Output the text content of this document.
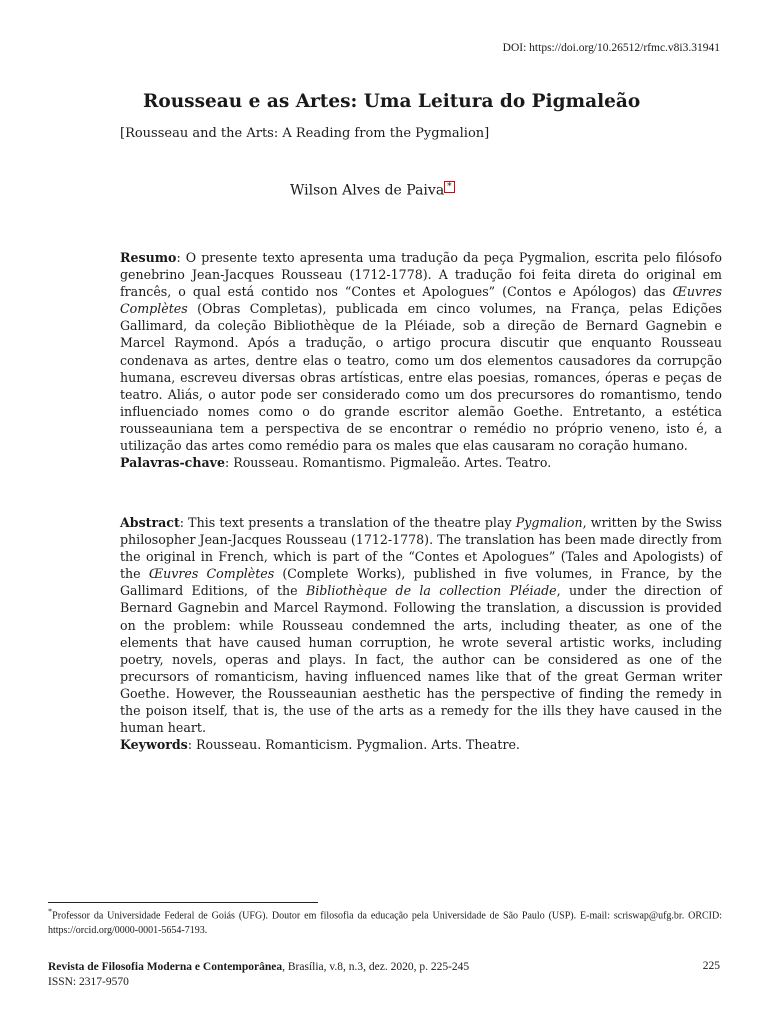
DOI: https://doi.org/10.26512/rfmc.v8i3.31941
Rousseau e as Artes: Uma Leitura do Pigmaleão
[Rousseau and the Arts: A Reading from the Pygmalion]
Wilson Alves de Paiva *

Resumo: O presente texto apresenta uma tradução da peça Pygmalion, escrita pelo filósofo genebrino Jean-Jacques Rousseau (1712-1778). A tradução foi feita direta do original em francês, o qual está contido nos “Contes et Apologues” (Contos e Apólogos) das Œuvres Complètes (Obras Completas), publicada em cinco volumes, na França, pelas Edições Gallimard, da coleção Bibliothèque de la Pléiade, sob a direção de Bernard Gagnebin e Marcel Raymond. Após a tradução, o artigo procura discutir que enquanto Rousseau condenava as artes, dentre elas o teatro, como um dos elementos causadores da corrupção humana, escreveu diversas obras artísticas, entre elas poesias, romances, óperas e peças de teatro. Aliás, o autor pode ser considerado como um dos precursores do romantismo, tendo influenciado nomes como o do grande escritor alemão Goethe. Entretanto, a estética rousseauniana tem a perspectiva de se encontrar o remédio no próprio veneno, isto é, a utilização das artes como remédio para os males que elas causaram no coração humano.

Palavras-chave: Rousseau. Romantismo. Pigmaleão. Artes. Teatro.

Abstract: This text presents a translation of the theatre play Pygmalion, written by the Swiss philosopher Jean-Jacques Rousseau (1712-1778). The translation has been made directly from the original in French, which is part of the “Contes et Apologues” (Tales and Apologists) of the Œuvres Complètes (Complete Works), published in five volumes, in France, by the Gallimard Editions, of the Bibliothèque de la collection Pléiade, under the direction of Bernard Gagnebin and Marcel Raymond. Following the translation, a discussion is provided on the problem: while Rousseau condemned the arts, including theater, as one of the elements that have caused human corruption, he wrote several artistic works, including poetry, novels, operas and plays. In fact, the author can be considered as one of the precursors of romanticism, having influenced names like that of the great German writer Goethe. However, the Rousseaunian aesthetic has the perspective of finding the remedy in the poison itself, that is, the use of the arts as a remedy for the ills they have caused in the human heart.

Keywords: Rousseau. Romanticism. Pygmalion. Arts. Theatre.

*Professor da Universidade Federal de Goiás (UFG). Doutor em filosofia da educação pela Universidade de São Paulo (USP). E-mail: scriswap@ufg.br. ORCID: https://orcid.org/0000-0001-5654-7193.
Revista de Filosofia Moderna e Contemporânea, Brasília, v.8, n.3, dez. 2020, p. 225-245
ISSN: 2317-9570
225
